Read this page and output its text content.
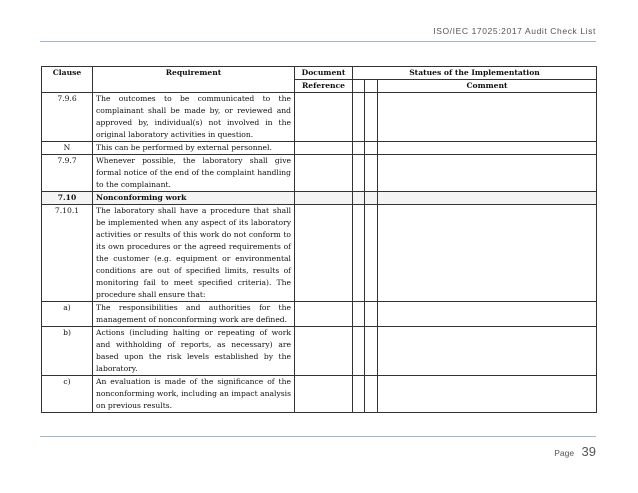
ISO/IEC 17025:2017 Audit Check List
Clause	Requirement	Document	Statues of the Implementation		
		Reference			Comment
7.9.6	The outcomes to be communicated to the complainant shall be made by, or reviewed and approved by, individual(s) not involved in the original laboratory activities in question.				
N	This can be performed by external personnel.				
7.9.7	Whenever possible, the laboratory shall give formal notice of the end of the complaint handling to the complainant.				
7.10	Nonconforming work				
7.10.1	The laboratory shall have a procedure that shall be implemented when any aspect of its laboratory activities or results of this work do not conform to its own procedures or the agreed requirements of the customer (e.g. equipment or environmental conditions are out of specified limits, results of monitoring fail to meet specified criteria). The procedure shall ensure that:				
a)	The responsibilities and authorities for the management of nonconforming work are defined.				
b)	Actions (including halting or repeating of work and withholding of reports, as necessary) are based upon the risk levels established by the laboratory.				
c)	An evaluation is made of the significance of the nonconforming work, including an impact analysis on previous results.				
Page 39
